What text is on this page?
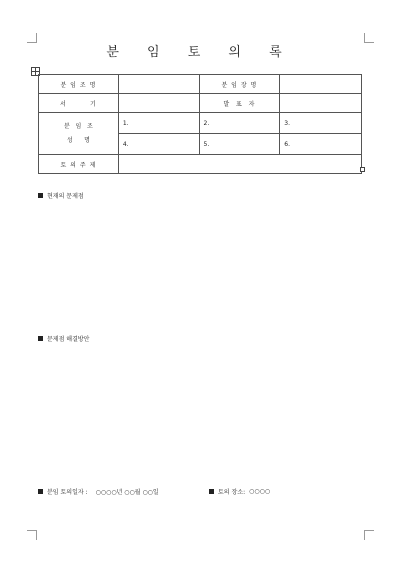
분 임 토 의 록
분 임 조 명		분 임 장 명	
서        기		발  표  자	

분   임   조
성      명	1.	2.	3.
	4.	5.	6.
토 의 주 제			
현재의 문제점
문제점 해결방안
분임 토의일자 : ○○○○년 ○○월 ○○일	토의 장소: ○○○○
